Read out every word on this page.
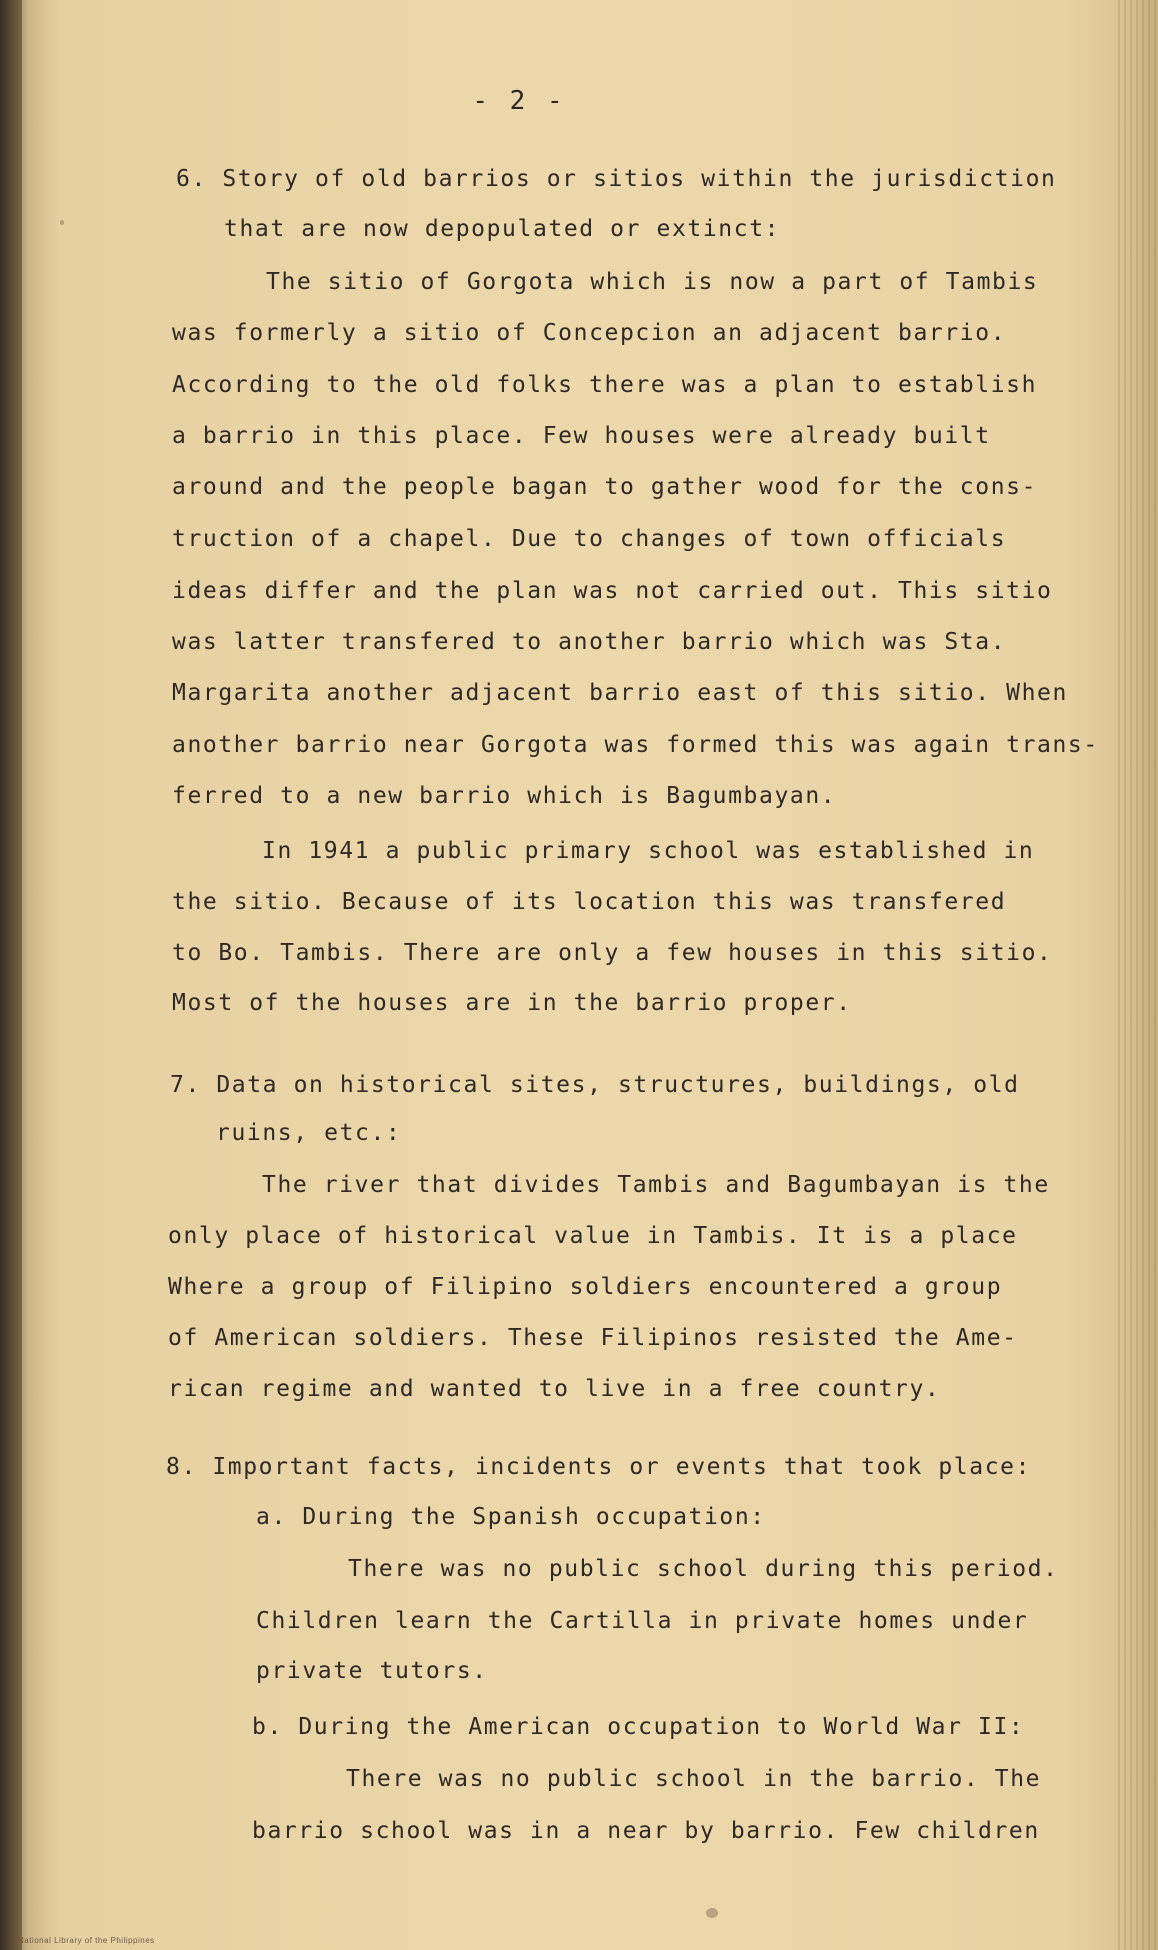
- 2 -
6. Story of old barrios or sitios within the jurisdiction
that are now depopulated or extinct:
The sitio of Gorgota which is now a part of Tambis
was formerly a sitio of Concepcion an adjacent barrio.
According to the old folks there was a plan to establish
a barrio in this place. Few houses were already built
around and the people bagan to gather wood for the cons-
truction of a chapel. Due to changes of town officials
ideas differ and the plan was not carried out. This sitio
was latter transfered to another barrio which was Sta.
Margarita another adjacent barrio east of this sitio. When
another barrio near Gorgota was formed this was again trans-
ferred to a new barrio which is Bagumbayan.
In 1941 a public primary school was established in
the sitio. Because of its location this was transfered
to Bo. Tambis. There are only a few houses in this sitio.
Most of the houses are in the barrio proper.
7. Data on historical sites, structures, buildings, old
ruins, etc.:
The river that divides Tambis and Bagumbayan is the
only place of historical value in Tambis. It is a place
Where a group of Filipino soldiers encountered a group
of American soldiers. These Filipinos resisted the Ame-
rican regime and wanted to live in a free country.
8. Important facts, incidents or events that took place:
a. During the Spanish occupation:
There was no public school during this period.
Children learn the Cartilla in private homes under
private tutors.
b. During the American occupation to World War II:
There was no public school in the barrio. The
barrio school was in a near by barrio. Few children
National Library of the Philippines
